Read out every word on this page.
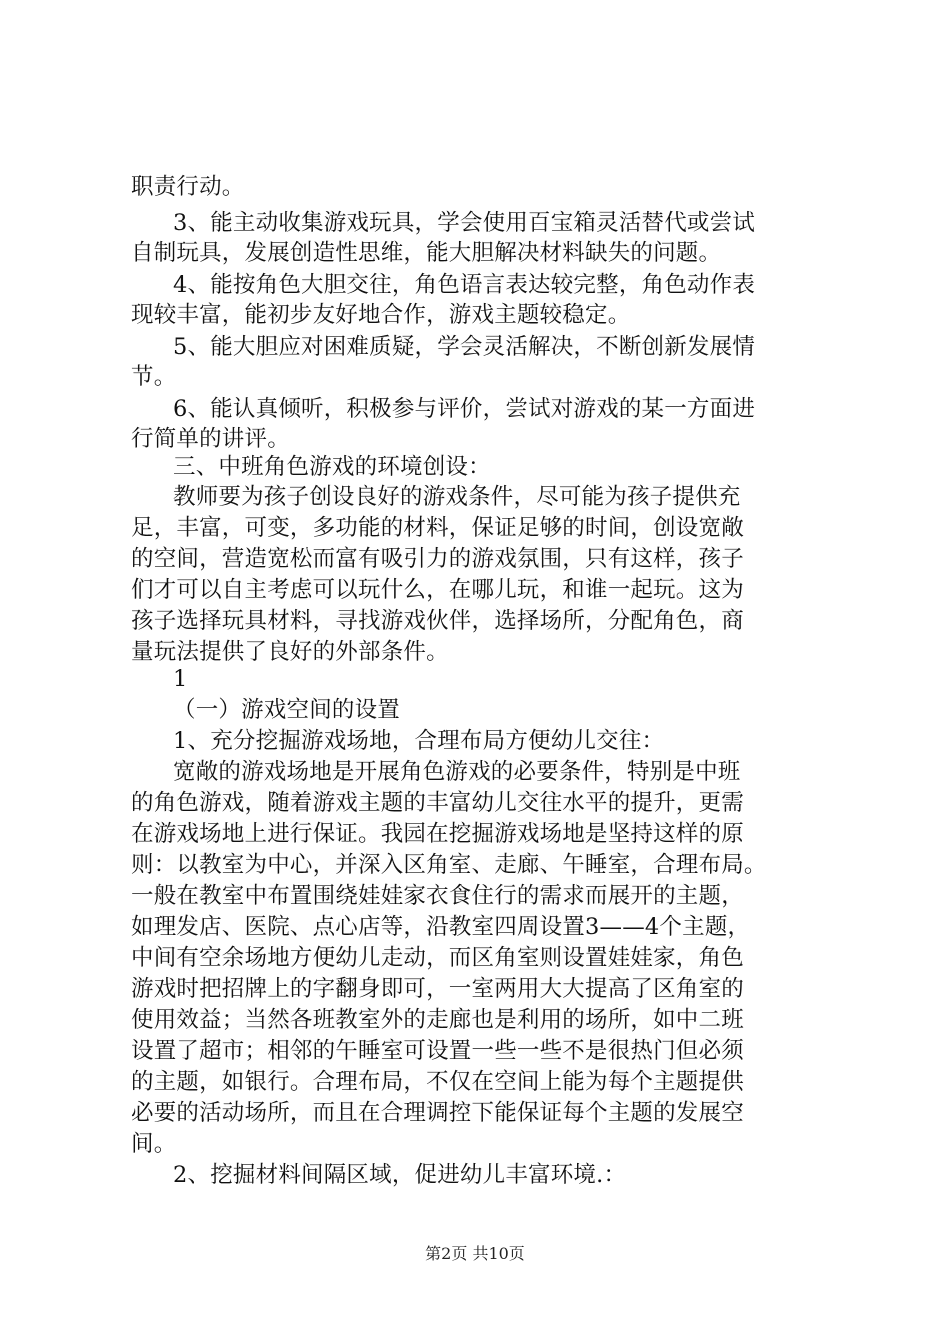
职责行动。
3、能主动收集游戏玩具，学会使用百宝箱灵活替代或尝试
自制玩具，发展创造性思维，能大胆解决材料缺失的问题。
4、能按角色大胆交往，角色语言表达较完整，角色动作表
现较丰富，能初步友好地合作，游戏主题较稳定。
5、能大胆应对困难质疑，学会灵活解决，不断创新发展情
节。
6、能认真倾听，积极参与评价，尝试对游戏的某一方面进
行简单的讲评。
三、中班角色游戏的环境创设：
教师要为孩子创设良好的游戏条件，尽可能为孩子提供充
足，丰富，可变，多功能的材料，保证足够的时间，创设宽敞
的空间，营造宽松而富有吸引力的游戏氛围，只有这样，孩子
们才可以自主考虑可以玩什么，在哪儿玩，和谁一起玩。这为
孩子选择玩具材料，寻找游戏伙伴，选择场所，分配角色，商
量玩法提供了良好的外部条件。
1
（一）游戏空间的设置
1、充分挖掘游戏场地，合理布局方便幼儿交往：
宽敞的游戏场地是开展角色游戏的必要条件，特别是中班
的角色游戏，随着游戏主题的丰富幼儿交往水平的提升，更需
在游戏场地上进行保证。我园在挖掘游戏场地是坚持这样的原
则：以教室为中心，并深入区角室、走廊、午睡室，合理布局。
一般在教室中布置围绕娃娃家衣食住行的需求而展开的主题，
如理发店、医院、点心店等，沿教室四周设置3——4个主题，
中间有空余场地方便幼儿走动，而区角室则设置娃娃家，角色
游戏时把招牌上的字翻身即可，一室两用大大提高了区角室的
使用效益；当然各班教室外的走廊也是利用的场所，如中二班
设置了超市；相邻的午睡室可设置一些一些不是很热门但必须
的主题，如银行。合理布局，不仅在空间上能为每个主题提供
必要的活动场所，而且在合理调控下能保证每个主题的发展空
间。
2、挖掘材料间隔区域，促进幼儿丰富环境.：
第2页 共10页
